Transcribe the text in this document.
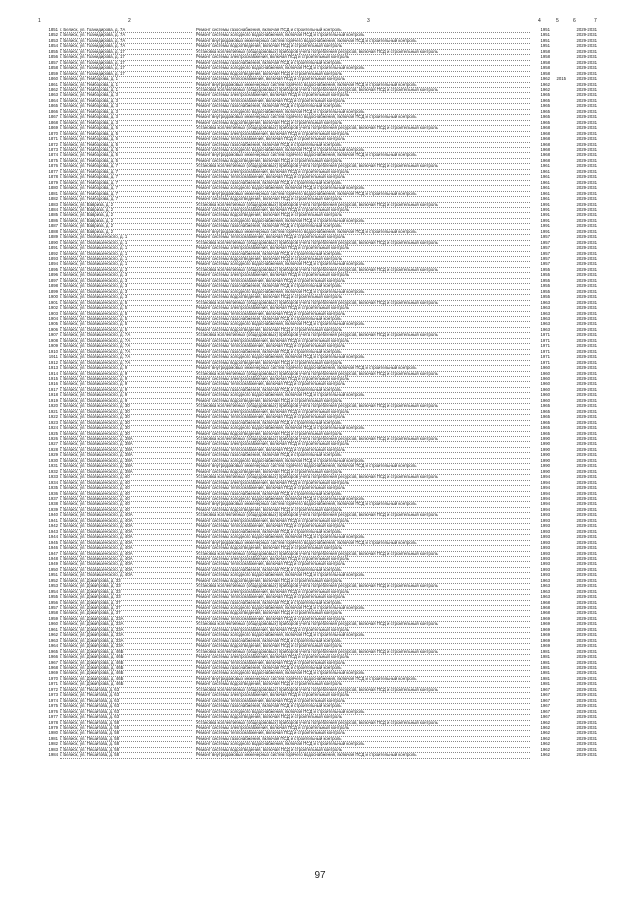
1	2	3	4	5	6	7
1851 г. Белиск, ул. Гоанидирова, д. 7А	Ремонт системы газоснабжения, включая ПСД и строительный контроль	1951	2029-2031
1852 г. Белиск, ул. Гоанидирова, д. 7А	Ремонт системы холодного водоснабжения, включая ПСД и строительный контроль	1951	2029-2031
1853 г. Белиск, ул. Гоанидирова, д. 7А	Ремонт внутридомовых инженерных систем горячего водоснабжения, включая ПСД и строительный контроль	1951	2029-2031
1854 г. Белиск, ул. Гоанидирова, д. 7А	Ремонт системы водоотведения, включая ПСД и строительный контроль	1951	2029-2031
1855 г. Белиск, ул. Гоанидирова, д. 17	Установка коллективных (общедомовых) приборов учета потребления ресурсов, включая ПСД и строительный контроль	1958	2029-2031
1856 г. Белиск, ул. Гоанидирова, д. 17	Ремонт системы электроснабжения, включая ПСД и строительный контроль	1958	2029-2031
1857 г. Белиск, ул. Гоанидирова, д. 17	Ремонт системы газоснабжения, включая ПСД и строительный контроль	1958	2029-2031
1858 г. Белиск, ул. Гоанидирова, д. 17	Ремонт системы холодного водоснабжения, включая ПСД и строительный контроль	1958	2029-2031
1859 г. Белиск, ул. Гоанидирова, д. 17	Ремонт системы водоотведения, включая ПСД и строительный контроль	1958	2029-2031
1860 г. Белиск, ул. Гемборова, д. 1	Ремонт системы теплоснабжения, включая ПСД и строительный контроль	1962	2015	2029-2031
1861 г. Белиск, ул. Гемборова, д. 1	Ремонт внутридомовых инженерных систем горячего водоснабжения, включая ПСД и строительный контроль	1962	2029-2031
1862 г. Белиск, ул. Гемборова, д. 1	Установка коллективных (общедомовых) приборов учета потребления ресурсов, включая ПСД и строительный контроль	1962	2029-2031
1863 г. Белиск, ул. Гемборова, д. 3	Ремонт системы электроснабжения, включая ПСД и строительный контроль	1965	2029-2031
1864 г. Белиск, ул. Гемборова, д. 3	Ремонт системы теплоснабжения, включая ПСД и строительный контроль	1965	2029-2031
1865 г. Белиск, ул. Гемборова, д. 3	Ремонт системы газоснабжения, включая ПСД и строительный контроль	1965	2029-2031
1866 г. Белиск, ул. Гемборова, д. 3	Ремонт системы холодного водоснабжения, включая ПСД и строительный контроль	1965	2029-2031
1867 г. Белиск, ул. Гемборова, д. 3	Ремонт внутридомовых инженерных систем горячего водоснабжения, включая ПСД и строительный контроль	1965	2029-2031
1868 г. Белиск, ул. Гемборова, д. 3	Ремонт системы водоотведения, включая ПСД и строительный контроль	1965	2029-2031
1869 г. Белиск, ул. Гемборова, д. 5	Установка коллективных (общедомовых) приборов учета потребления ресурсов, включая ПСД и строительный контроль	1968	2029-2031
1870 г. Белиск, ул. Гемборова, д. 5	Ремонт системы электроснабжения, включая ПСД и строительный контроль	1968	2029-2031
1871 г. Белиск, ул. Гемборова, д. 5	Ремонт системы теплоснабжения, включая ПСД и строительный контроль	1968	2029-2031
1872 г. Белиск, ул. Гемборова, д. 5	Ремонт системы газоснабжения, включая ПСД и строительный контроль	1968	2029-2031
1873 г. Белиск, ул. Гемборова, д. 5	Ремонт системы холодного водоснабжения, включая ПСД и строительный контроль	1968	2029-2031
1874 г. Белиск, ул. Гемборова, д. 5	Ремонт внутридомовых инженерных систем горячего водоснабжения, включая ПСД и строительный контроль	1968	2029-2031
1875 г. Белиск, ул. Гемборова, д. 5	Ремонт системы водоотведения, включая ПСД и строительный контроль	1968	2029-2031
1876 г. Белиск, ул. Гемборова, д. 7	Установка коллективных (общедомовых) приборов учета потребления ресурсов, включая ПСД и строительный контроль	1961	2029-2031
1877 г. Белиск, ул. Гемборова, д. 7	Ремонт системы электроснабжения, включая ПСД и строительный контроль	1961	2029-2031
1878 г. Белиск, ул. Гемборова, д. 7	Ремонт системы теплоснабжения, включая ПСД и строительный контроль	1961	2029-2031
1879 г. Белиск, ул. Гемборова, д. 7	Ремонт системы газоснабжения, включая ПСД и строительный контроль	1961	2029-2031
1880 г. Белиск, ул. Гемборова, д. 7	Ремонт системы холодного водоснабжения, включая ПСД и строительный контроль	1961	2029-2031
1881 г. Белиск, ул. Гемборова, д. 7	Ремонт внутридомовых инженерных систем горячего водоснабжения, включая ПСД и строительный контроль	1961	2029-2031
1882 г. Белиск, ул. Гемборова, д. 7	Ремонт системы водоотведения, включая ПСД и строительный контроль	1961	2029-2031
1883 г. Белиск, ул. Вавриза, д. 2	Установка коллективных (общедомовых) приборов учета потребления ресурсов, включая ПСД и строительный контроль	1991	2029-2031
1884 г. Белиск, ул. Вавриза, д. 2	Ремонт системы электроснабжения, включая ПСД и строительный контроль	1991	2029-2031
1885 г. Белиск, ул. Вавриза, д. 2	Ремонт системы водоотведения, включая ПСД и строительный контроль	1991	2029-2031
1886 г. Белиск, ул. Вавриза, д. 2	Ремонт системы холодного водоснабжения, включая ПСД и строительный контроль	1991	2029-2031
1887 г. Белиск, ул. Вавриза, д. 2	Ремонт системы газоснабжения, включая ПСД и строительный контроль	1991	2029-2031
1888 г. Белиск, ул. Вавриза, д. 2	Ремонт внутридомовых инженерных систем горячего водоснабжения, включая ПСД и строительный контроль	1991	2029-2031
1889 г. Белиск, ул. Оковишенского, д. 1	Ремонт системы теплоснабжения, включая ПСД и строительный контроль	1957	2029-2031
1890 г. Белиск, ул. Оковишенского, д. 1	Установка коллективных (общедомовых) приборов учета потребления ресурсов, включая ПСД и строительный контроль	1957	2029-2031
1891 г. Белиск, ул. Оковишенского, д. 1	Ремонт системы электроснабжения, включая ПСД и строительный контроль	1957	2029-2031
1892 г. Белиск, ул. Оковишенского, д. 1	Ремонт системы газоснабжения, включая ПСД и строительный контроль	1957	2029-2031
1893 г. Белиск, ул. Оковишенского, д. 1	Ремонт системы водоотведения, включая ПСД и строительный контроль	1957	2029-2031
1894 г. Белиск, ул. Оковишенского, д. 1	Ремонт системы холодного водоснабжения, включая ПСД и строительный контроль	1957	2029-2031
1895 г. Белиск, ул. Оковишенского, д. 3	Установка коллективных (общедомовых) приборов учета потребления ресурсов, включая ПСД и строительный контроль	1955	2029-2031
1896 г. Белиск, ул. Оковишенского, д. 3	Ремонт системы электроснабжения, включая ПСД и строительный контроль	1955	2029-2031
1897 г. Белиск, ул. Оковишенского, д. 3	Ремонт системы теплоснабжения, включая ПСД и строительный контроль	1955	2029-2031
1898 г. Белиск, ул. Оковишенского, д. 3	Ремонт системы газоснабжения, включая ПСД и строительный контроль	1955	2029-2031
1899 г. Белиск, ул. Оковишенского, д. 3	Ремонт системы холодного водоснабжения, включая ПСД и строительный контроль	1955	2029-2031
1900 г. Белиск, ул. Оковишенского, д. 3	Ремонт системы водоотведения, включая ПСД и строительный контроль	1955	2029-2031
1901 г. Белиск, ул. Оковишенского, д. 5	Установка коллективных (общедомовых) приборов учета потребления ресурсов, включая ПСД и строительный контроль	1963	2029-2031
1902 г. Белиск, ул. Оковишенского, д. 5	Ремонт системы электроснабжения, включая ПСД и строительный контроль	1963	2029-2031
1903 г. Белиск, ул. Оковишенского, д. 5	Ремонт системы теплоснабжения, включая ПСД и строительный контроль	1963	2029-2031
1904 г. Белиск, ул. Оковишенского, д. 5	Ремонт системы газоснабжения, включая ПСД и строительный контроль	1963	2029-2031
1905 г. Белиск, ул. Оковишенского, д. 5	Ремонт системы холодного водоснабжения, включая ПСД и строительный контроль	1963	2029-2031
1906 г. Белиск, ул. Оковишенского, д. 5	Ремонт системы водоотведения, включая ПСД и строительный контроль	1963	2029-2031
1907 г. Белиск, ул. Оковишенского, д. 7А	Установка коллективных (общедомовых) приборов учета потребления ресурсов, включая ПСД и строительный контроль	1971	2029-2031
1908 г. Белиск, ул. Оковишенского, д. 7А	Ремонт системы электроснабжения, включая ПСД и строительный контроль	1971	2029-2031
1909 г. Белиск, ул. Оковишенского, д. 7А	Ремонт системы теплоснабжения, включая ПСД и строительный контроль	1971	2029-2031
1910 г. Белиск, ул. Оковишенского, д. 7А	Ремонт системы газоснабжения, включая ПСД и строительный контроль	1971	2029-2031
1911 г. Белиск, ул. Оковишенского, д. 7А	Ремонт системы холодного водоснабжения, включая ПСД и строительный контроль	1971	2029-2031
1912 г. Белиск, ул. Оковишенского, д. 7А	Ремонт системы водоотведения, включая ПСД и строительный контроль	1971	2029-2031
1913 г. Белиск, ул. Оковишенского, д. 9	Ремонт внутридомовых инженерных систем горячего водоснабжения, включая ПСД и строительный контроль	1960	2029-2031
1914 г. Белиск, ул. Оковишенского, д. 9	Установка коллективных (общедомовых) приборов учета потребления ресурсов, включая ПСД и строительный контроль	1960	2029-2031
1915 г. Белиск, ул. Оковишенского, д. 9	Ремонт системы электроснабжения, включая ПСД и строительный контроль	1960	2029-2031
1916 г. Белиск, ул. Оковишенского, д. 9	Ремонт системы теплоснабжения, включая ПСД и строительный контроль	1960	2029-2031
1917 г. Белиск, ул. Оковишенского, д. 9	Ремонт системы газоснабжения, включая ПСД и строительный контроль	1960	2029-2031
1918 г. Белиск, ул. Оковишенского, д. 9	Ремонт системы холодного водоснабжения, включая ПСД и строительный контроль	1960	2029-2031
1919 г. Белиск, ул. Оковишенского, д. 9	Ремонт системы водоотведения, включая ПСД и строительный контроль	1960	2029-2031
1920 г. Белиск, ул. Оковишенского, д. 30	Установка коллективных (общедомовых) приборов учета потребления ресурсов, включая ПСД и строительный контроль	1965	2029-2031
1921 г. Белиск, ул. Оковишенского, д. 30	Ремонт системы электроснабжения, включая ПСД и строительный контроль	1965	2029-2031
1922 г. Белиск, ул. Оковишенского, д. 30	Ремонт системы теплоснабжения, включая ПСД и строительный контроль	1965	2029-2031
1923 г. Белиск, ул. Оковишенского, д. 30	Ремонт системы газоснабжения, включая ПСД и строительный контроль	1965	2029-2031
1924 г. Белиск, ул. Оковишенского, д. 30	Ремонт системы холодного водоснабжения, включая ПСД и строительный контроль	1965	2029-2031
1925 г. Белиск, ул. Оковишенского, д. 30	Ремонт системы водоотведения, включая ПСД и строительный контроль	1965	2029-2031
1926 г. Белиск, ул. Оковишенского, д. 38А	Установка коллективных (общедомовых) приборов учета потребления ресурсов, включая ПСД и строительный контроль	1990	2029-2031
1927 г. Белиск, ул. Оковишенского, д. 38А	Ремонт системы электроснабжения, включая ПСД и строительный контроль	1990	2029-2031
1928 г. Белиск, ул. Оковишенского, д. 38А	Ремонт системы теплоснабжения, включая ПСД и строительный контроль	1990	2029-2031
1929 г. Белиск, ул. Оковишенского, д. 38А	Ремонт системы газоснабжения, включая ПСД и строительный контроль	1990	2029-2031
1930 г. Белиск, ул. Оковишенского, д. 38А	Ремонт системы холодного водоснабжения, включая ПСД и строительный контроль	1990	2029-2031
1931 г. Белиск, ул. Оковишенского, д. 38А	Ремонт внутридомовых инженерных систем горячего водоснабжения, включая ПСД и строительный контроль	1990	2029-2031
1932 г. Белиск, ул. Оковишенского, д. 38А	Ремонт системы водоотведения, включая ПСД и строительный контроль	1990	2029-2031
1933 г. Белиск, ул. Оковишенского, д. 40	Установка коллективных (общедомовых) приборов учета потребления ресурсов, включая ПСД и строительный контроль	1994	2029-2031
1934 г. Белиск, ул. Оковишенского, д. 40	Ремонт системы электроснабжения, включая ПСД и строительный контроль	1994	2029-2031
1935 г. Белиск, ул. Оковишенского, д. 40	Ремонт системы теплоснабжения, включая ПСД и строительный контроль	1994	2029-2031
1936 г. Белиск, ул. Оковишенского, д. 40	Ремонт системы газоснабжения, включая ПСД и строительный контроль	1994	2029-2031
1937 г. Белиск, ул. Оковишенского, д. 40	Ремонт системы холодного водоснабжения, включая ПСД и строительный контроль	1994	2029-2031
1938 г. Белиск, ул. Оковишенского, д. 40	Ремонт внутридомовых инженерных систем горячего водоснабжения, включая ПСД и строительный контроль	1994	2029-2031
1939 г. Белиск, ул. Оковишенского, д. 40	Ремонт системы водоотведения, включая ПСД и строительный контроль	1994	2029-2031
1940 г. Белиск, ул. Оковишенского, д. 40А	Установка коллективных (общедомовых) приборов учета потребления ресурсов, включая ПСД и строительный контроль	1993	2029-2031
1941 г. Белиск, ул. Оковишенского, д. 40А	Ремонт системы электроснабжения, включая ПСД и строительный контроль	1993	2029-2031
1942 г. Белиск, ул. Оковишенского, д. 40А	Ремонт системы теплоснабжения, включая ПСД и строительный контроль	1993	2029-2031
1943 г. Белиск, ул. Оковишенского, д. 40А	Ремонт системы газоснабжения, включая ПСД и строительный контроль	1993	2029-2031
1944 г. Белиск, ул. Оковишенского, д. 40А	Ремонт системы холодного водоснабжения, включая ПСД и строительный контроль	1993	2029-2031
1945 г. Белиск, ул. Оковишенского, д. 40А	Ремонт внутридомовых инженерных систем горячего водоснабжения, включая ПСД и строительный контроль	1993	2029-2031
1946 г. Белиск, ул. Оковишенского, д. 40А	Ремонт системы водоотведения, включая ПСД и строительный контроль	1993	2029-2031
1947 г. Белиск, ул. Оковишенского, д. 40А	Установка коллективных (общедомовых) приборов учета потребления ресурсов, включая ПСД и строительный контроль	1993	2029-2031
1948 г. Белиск, ул. Оковишенского, д. 40А	Ремонт системы электроснабжения, включая ПСД и строительный контроль	1993	2029-2031
1949 г. Белиск, ул. Оковишенского, д. 40А	Ремонт системы теплоснабжения, включая ПСД и строительный контроль	1993	2029-2031
1950 г. Белиск, ул. Оковишенского, д. 40А	Ремонт системы газоснабжения, включая ПСД и строительный контроль	1993	2029-2031
1951 г. Белиск, ул. Оковишенского, д. 40А	Ремонт системы холодного водоснабжения, включая ПСД и строительный контроль	1993	2029-2031
1952 г. Белиск, ул. Дзмитрова, д. 33	Ремонт системы водоотведения, включая ПСД и строительный контроль	1963	2029-2031
1953 г. Белиск, ул. Дзмитрова, д. 33	Установка коллективных (общедомовых) приборов учета потребления ресурсов, включая ПСД и строительный контроль	1963	2029-2031
1954 г. Белиск, ул. Дзмитрова, д. 33	Ремонт системы электроснабжения, включая ПСД и строительный контроль	1963	2029-2031
1955 г. Белиск, ул. Дзмитрова, д. 33	Ремонт системы теплоснабжения, включая ПСД и строительный контроль	1963	2029-2031
1956 г. Белиск, ул. Дзмитрова, д. 37	Ремонт системы газоснабжения, включая ПСД и строительный контроль	1968	2029-2031
1957 г. Белиск, ул. Дзмитрова, д. 37	Ремонт системы холодного водоснабжения, включая ПСД и строительный контроль	1968	2029-2031
1958 г. Белиск, ул. Дзмитрова, д. 37	Ремонт системы водоотведения, включая ПСД и строительный контроль	1968	2029-2031
1959 г. Белиск, ул. Дзмитрова, д. 33А	Ремонт системы теплоснабжения, включая ПСД и строительный контроль	1969	2029-2031
1960 г. Белиск, ул. Дзмитрова, д. 33А	Установка коллективных (общедомовых) приборов учета потребления ресурсов, включая ПСД и строительный контроль	1969	2029-2031
1961 г. Белиск, ул. Дзмитрова, д. 33А	Ремонт системы электроснабжения, включая ПСД и строительный контроль	1969	2029-2031
1962 г. Белиск, ул. Дзмитрова, д. 33А	Ремонт системы холодного водоснабжения, включая ПСД и строительный контроль	1969	2029-2031
1963 г. Белиск, ул. Дзмитрова, д. 33А	Ремонт системы газоснабжения, включая ПСД и строительный контроль	1969	2029-2031
1964 г. Белиск, ул. Дзмитрова, д. 33А	Ремонт системы водоотведения, включая ПСД и строительный контроль	1969	2029-2031
1965 г. Белиск, ул. Дзмитрова, д. 46Б	Установка коллективных (общедомовых) приборов учета потребления ресурсов, включая ПСД и строительный контроль	1981	2029-2031
1966 г. Белиск, ул. Дзмитрова, д. 46Б	Ремонт системы электроснабжения, включая ПСД и строительный контроль	1981	2029-2031
1967 г. Белиск, ул. Дзмитрова, д. 46Б	Ремонт системы теплоснабжения, включая ПСД и строительный контроль	1981	2029-2031
1968 г. Белиск, ул. Дзмитрова, д. 46Б	Ремонт системы газоснабжения, включая ПСД и строительный контроль	1981	2029-2031
1969 г. Белиск, ул. Дзмитрова, д. 46Б	Ремонт системы холодного водоснабжения, включая ПСД и строительный контроль	1981	2029-2031
1970 г. Белиск, ул. Дзмитрова, д. 46Б	Ремонт внутридомовых инженерных систем горячего водоснабжения, включая ПСД и строительный контроль	1981	2029-2031
1971 г. Белиск, ул. Дзмитрова, д. 46Б	Ремонт системы водоотведения, включая ПСД и строительный контроль	1981	2029-2031
1972 г. Белиск, ул. Пешитова, д. 63	Установка коллективных (общедомовых) приборов учета потребления ресурсов, включая ПСД и строительный контроль	1967	2029-2031
1973 г. Белиск, ул. Пешитова, д. 63	Ремонт системы электроснабжения, включая ПСД и строительный контроль	1967	2029-2031
1974 г. Белиск, ул. Пешитова, д. 63	Ремонт системы теплоснабжения, включая ПСД и строительный контроль	1967	2029-2031
1975 г. Белиск, ул. Пешитова, д. 63	Ремонт системы газоснабжения, включая ПСД и строительный контроль	1967	2029-2031
1976 г. Белиск, ул. Пешитова, д. 63	Ремонт системы холодного водоснабжения, включая ПСД и строительный контроль	1967	2029-2031
1977 г. Белиск, ул. Пешитова, д. 63	Ремонт системы водоотведения, включая ПСД и строительный контроль	1967	2029-2031
1978 г. Белиск, ул. Пешитова, д. 58	Установка коллективных (общедомовых) приборов учета потребления ресурсов, включая ПСД и строительный контроль	1962	2029-2031
1979 г. Белиск, ул. Пешитова, д. 58	Ремонт системы электроснабжения, включая ПСД и строительный контроль	1962	2029-2031
1980 г. Белиск, ул. Пешитова, д. 58	Ремонт системы теплоснабжения, включая ПСД и строительный контроль	1962	2029-2031
1981 г. Белиск, ул. Пешитова, д. 58	Ремонт системы газоснабжения, включая ПСД и строительный контроль	1962	2029-2031
1982 г. Белиск, ул. Пешитова, д. 58	Ремонт системы холодного водоснабжения, включая ПСД и строительный контроль	1962	2029-2031
1983 г. Белиск, ул. Пешитова, д. 58	Ремонт системы водоотведения, включая ПСД и строительный контроль	1962	2029-2031
1984 г. Белиск, ул. Пешитова, д. 58	Ремонт внутридомовых инженерных систем горячего водоснабжения, включая ПСД и строительный контроль	1962	2029-2031
97
